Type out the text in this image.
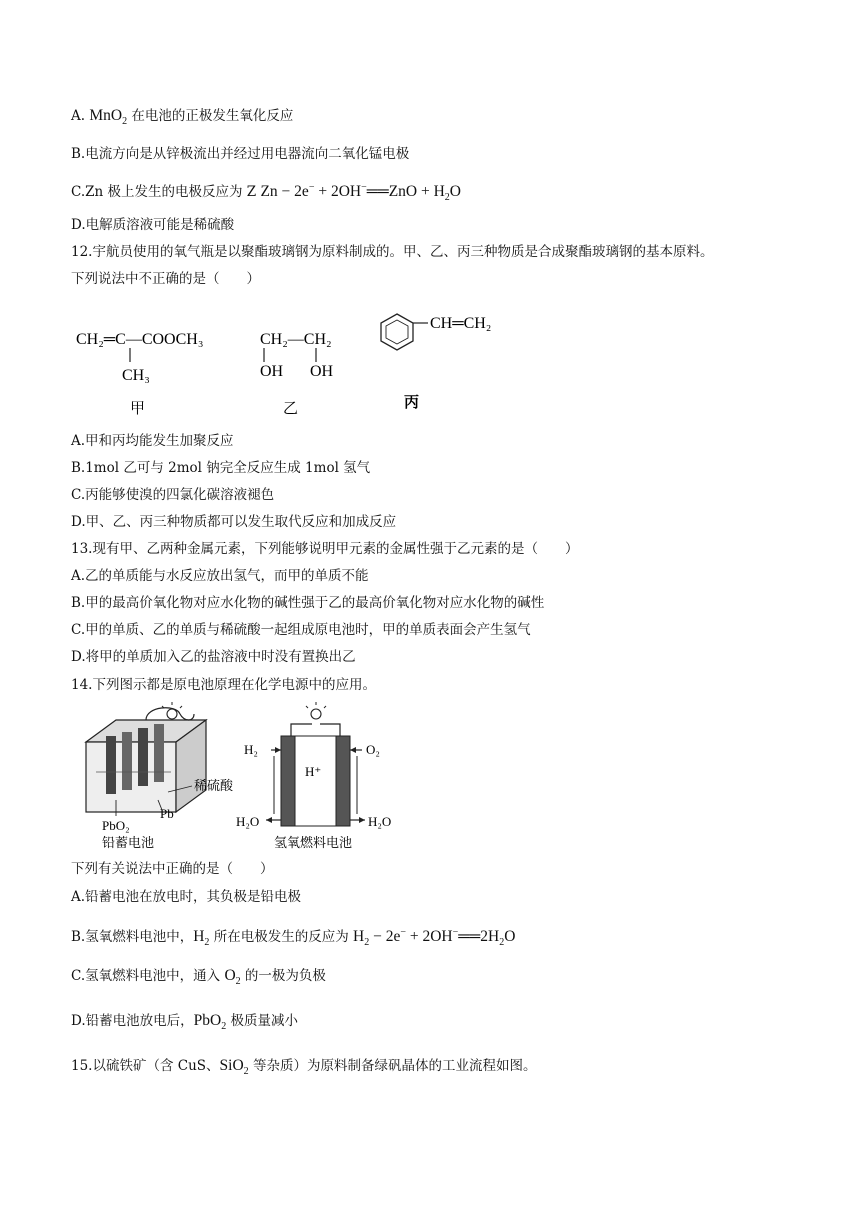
A. MnO$_2$ 在电池的正极发生氧化反应
B.电流方向是从锌极流出并经过用电器流向二氧化锰电极
C.Zn 极上发生的电极反应为 Z Zn − 2e− + 2OH−══ZnO + $H_2O$
D.电解质溶液可能是稀硫酸
12.宇航员使用的氧气瓶是以聚酯玻璃钢为原料制成的。甲、乙、丙三种物质是合成聚酯玻璃钢的基本原料。
下列说法中不正确的是（　　）
CH₂═C—COOCH₃
CH₃
甲
CH₂—CH₂
OH OH
乙
CH═CH₂
丙
A.甲和丙均能发生加聚反应
B.1mol 乙可与 2mol 钠完全反应生成 1mol 氢气
C.丙能够使溴的四氯化碳溶液褪色
D.甲、乙、丙三种物质都可以发生取代反应和加成反应
13.现有甲、乙两种金属元素，下列能够说明甲元素的金属性强于乙元素的是（　　）
A.乙的单质能与水反应放出氢气，而甲的单质不能
B.甲的最高价氧化物对应水化物的碱性强于乙的最高价氧化物对应水化物的碱性
C.甲的单质、乙的单质与稀硫酸一起组成原电池时，甲的单质表面会产生氢气
D.将甲的单质加入乙的盐溶液中时没有置换出乙
14.下列图示都是原电池原理在化学电源中的应用。
稀硫酸
Pb
PbO₂
铅蓄电池
H₂	O₂
H⁺
H₂O	H₂O
氢氧燃料电池
下列有关说法中正确的是（　　）
A.铅蓄电池在放电时，其负极是铅电极
B.氢氧燃料电池中，$H_2$ 所在电极发生的反应为 $H_2 - 2e^-$ + $2OH^-══2H_2O$
C.氢氧燃料电池中，通入 $O_2$ 的一极为负极
D.铅蓄电池放电后，PbO$_2$ 极质量减小
15.以硫铁矿（含 CuS、SiO$_2$ 等杂质）为原料制备绿矾晶体的工业流程如图。
